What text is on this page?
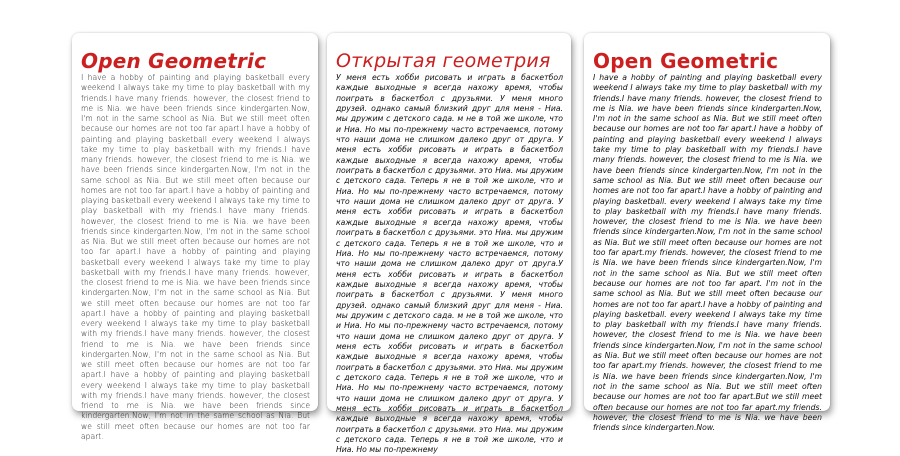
Open Geometric

I have a hobby of painting and playing basketball every weekend I always take my time to play basketball with my friends.I have many friends. however, the closest friend to me is Nia. we have been friends since kindergarten.Now, I'm not in the same school as Nia. But we still meet often because our homes are not too far apart.I have a hobby of painting and playing basketball every weekend I always take my time to play basketball with my friends.I have many friends. however, the closest friend to me is Nia. we have been friends since kindergarten.Now, I'm not in the same school as Nia. But we still meet often because our homes are not too far apart.I have a hobby of painting and playing basketball every weekend I always take my time to play basketball with my friends.I have many friends. however, the closest friend to me is Nia. we have been friends since kindergarten.Now, I'm not in the same school as Nia. But we still meet often because our homes are not too far apart.I have a hobby of painting and playing basketball every weekend I always take my time to play basketball with my friends.I have many friends. however, the closest friend to me is Nia. we have been friends since kindergarten.Now, I'm not in the same school as Nia. But we still meet often because our homes are not too far apart.I have a hobby of painting and playing basketball every weekend I always take my time to play basketball with my friends.I have many friends. however, the closest friend to me is Nia. we have been friends since kindergarten.Now, I'm not in the same school as Nia. But we still meet often because our homes are not too far apart.I have a hobby of painting and playing basketball every weekend I always take my time to play basketball with my friends.I have many friends. however, the closest friend to me is Nia. we have been friends since kindergarten.Now, I'm not in the same school as Nia. But we still meet often because our homes are not too far apart.

Открытая геометрия

У меня есть хобби рисовать и играть в баскетбол каждые выходные я всегда нахожу время, чтобы поиграть в баскетбол с друзьями. У меня много друзей. однако самый близкий друг для меня - Ниа. мы дружим с детского сада. м не в той же школе, что и Ниа. Но мы по-прежнему часто встречаемся, потому что наши дома не слишком далеко друг от друга. У меня есть хобби рисовать и играть в баскетбол каждые выходные я всегда нахожу время, чтобы поиграть в баскетбол с друзьями. это Ниа. мы дружим с детского сада. Теперь я не в той же школе, что и Ниа. Но мы по-прежнему часто встречаемся, потому что наши дома не слишком далеко друг от друга. У меня есть хобби рисовать и играть в баскетбол каждые выходные я всегда нахожу время, чтобы поиграть в баскетбол с друзьями. это Ниа. мы дружим с детского сада. Теперь я не в той же школе, что и Ниа. Но мы по-прежнему часто встречаемся, потому что наши дома не слишком далеко друг от друга.У меня есть хобби рисовать и играть в баскетбол каждые выходные я всегда нахожу время, чтобы поиграть в баскетбол с друзьями. У меня много друзей. однако самый близкий друг для меня - Ниа. мы дружим с детского сада. м не в той же школе, что и Ниа. Но мы по-прежнему часто встречаемся, потому что наши дома не слишком далеко друг от друга. У меня есть хобби рисовать и играть в баскетбол каждые выходные я всегда нахожу время, чтобы поиграть в баскетбол с друзьями. это Ниа. мы дружим с детского сада. Теперь я не в той же школе, что и Ниа. Но мы по-прежнему часто встречаемся, потому что наши дома не слишком далеко друг от друга. У меня есть хобби рисовать и играть в баскетбол каждые выходные я всегда нахожу время, чтобы поиграть в баскетбол с друзьями. это Ниа. мы дружим с детского сада. Теперь я не в той же школе, что и Ниа. Но мы по-прежнему

Open Geometric

I have a hobby of painting and playing basketball every weekend I always take my time to play basketball with my friends.I have many friends. however, the closest friend to me is Nia. we have been friends since kindergarten.Now, I'm not in the same school as Nia. But we still meet often because our homes are not too far apart.I have a hobby of painting and playing basketball every weekend I always take my time to play basketball with my friends.I have many friends. however, the closest friend to me is Nia. we have been friends since kindergarten.Now, I'm not in the same school as Nia. But we still meet often because our homes are not too far apart.I have a hobby of painting and playing basketball. every weekend I always take my time to play basketball with my friends.I have many friends. however, the closest friend to me is Nia. we have been friends since kindergarten.Now, I'm not in the same school as Nia. But we still meet often because our homes are not too far apart.my friends. however, the closest friend to me is Nia. we have been friends since kindergarten.Now, I'm not in the same school as Nia. But we still meet often because our homes are not too far apart. I'm not in the same school as Nia. But we still meet often because our homes are not too far apart.I have a hobby of painting and playing basketball. every weekend I always take my time to play basketball with my friends.I have many friends. however, the closest friend to me is Nia. we have been friends since kindergarten.Now, I'm not in the same school as Nia. But we still meet often because our homes are not too far apart.my friends. however, the closest friend to me is Nia. we have been friends since kindergarten.Now, I'm not in the same school as Nia. But we still meet often because our homes are not too far apart.But we still meet often because our homes are not too far apart.my friends. however, the closest friend to me is Nia. we have been friends since kindergarten.Now.
